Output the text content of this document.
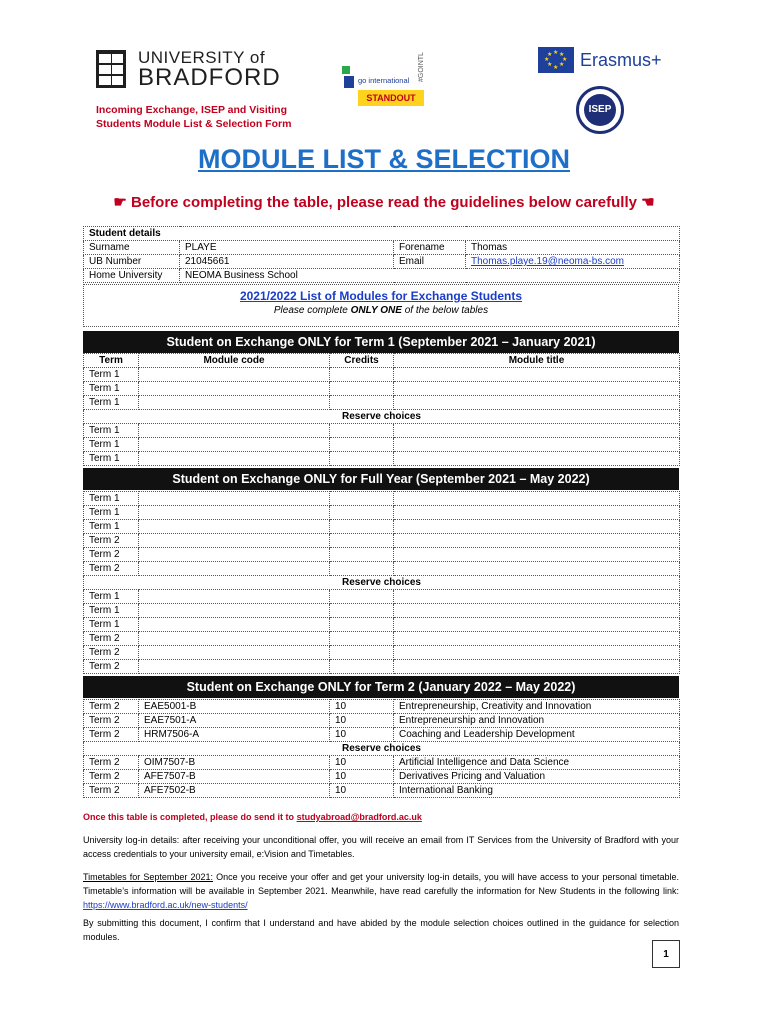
UNIVERSITY of
BRADFORD
Incoming Exchange, ISEP and Visiting
Students Module List & Selection Form
go international
STANDOUT
#GOINTL	★ ★
★
★
★
★
★
★ Erasmus+
ISEP
MODULE LIST & SELECTION
☛ Before completing the table, please read the guidelines below carefully ☚
Student details			
Surname	PLAYE	Forename	Thomas
UB Number	21045661	Email	Thomas.playe.19@neoma-bs.com
Home University	NEOMA Business School		
2021/2022 List of Modules for Exchange Students
Please complete ONLY ONE of the below tables
Student on Exchange ONLY for Term 1 (September 2021 – January 2021)
Term	Module code	Credits	Module title
Term 1			
Term 1			
Term 1			
Reserve choices			
Term 1			
Term 1			
Term 1			
Student on Exchange ONLY for Full Year (September 2021 – May 2022)
Term 1			
Term 1			
Term 1			
Term 2			
Term 2			
Term 2			
Reserve choices			
Term 1			
Term 1			
Term 1			
Term 2			
Term 2			
Term 2			
Student on Exchange ONLY for Term 2 (January 2022 – May 2022)
Term 2	EAE5001-B	10	Entrepreneurship, Creativity and Innovation
Term 2	EAE7501-A	10	Entrepreneurship and Innovation
Term 2	HRM7506-A	10	Coaching and Leadership Development
Reserve choices			
Term 2	OIM7507-B	10	Artificial Intelligence and Data Science
Term 2	AFE7507-B	10	Derivatives Pricing and Valuation
Term 2	AFE7502-B	10	International Banking
Once this table is completed, please do send it to studyabroad@bradford.ac.uk
University log-in details: after receiving your unconditional offer, you will receive an email from IT Services from the University of Bradford with your access credentials to your university email, e:Vision and Timetables.
Timetables for September 2021: Once you receive your offer and get your university log-in details, you will have access to your personal timetable. Timetable’s information will be available in September 2021. Meanwhile, have read carefully the information for New Students in the following link: https://www.bradford.ac.uk/new-students/
By submitting this document, I confirm that I understand and have abided by the module selection choices outlined in the guidance for selection modules.
1
